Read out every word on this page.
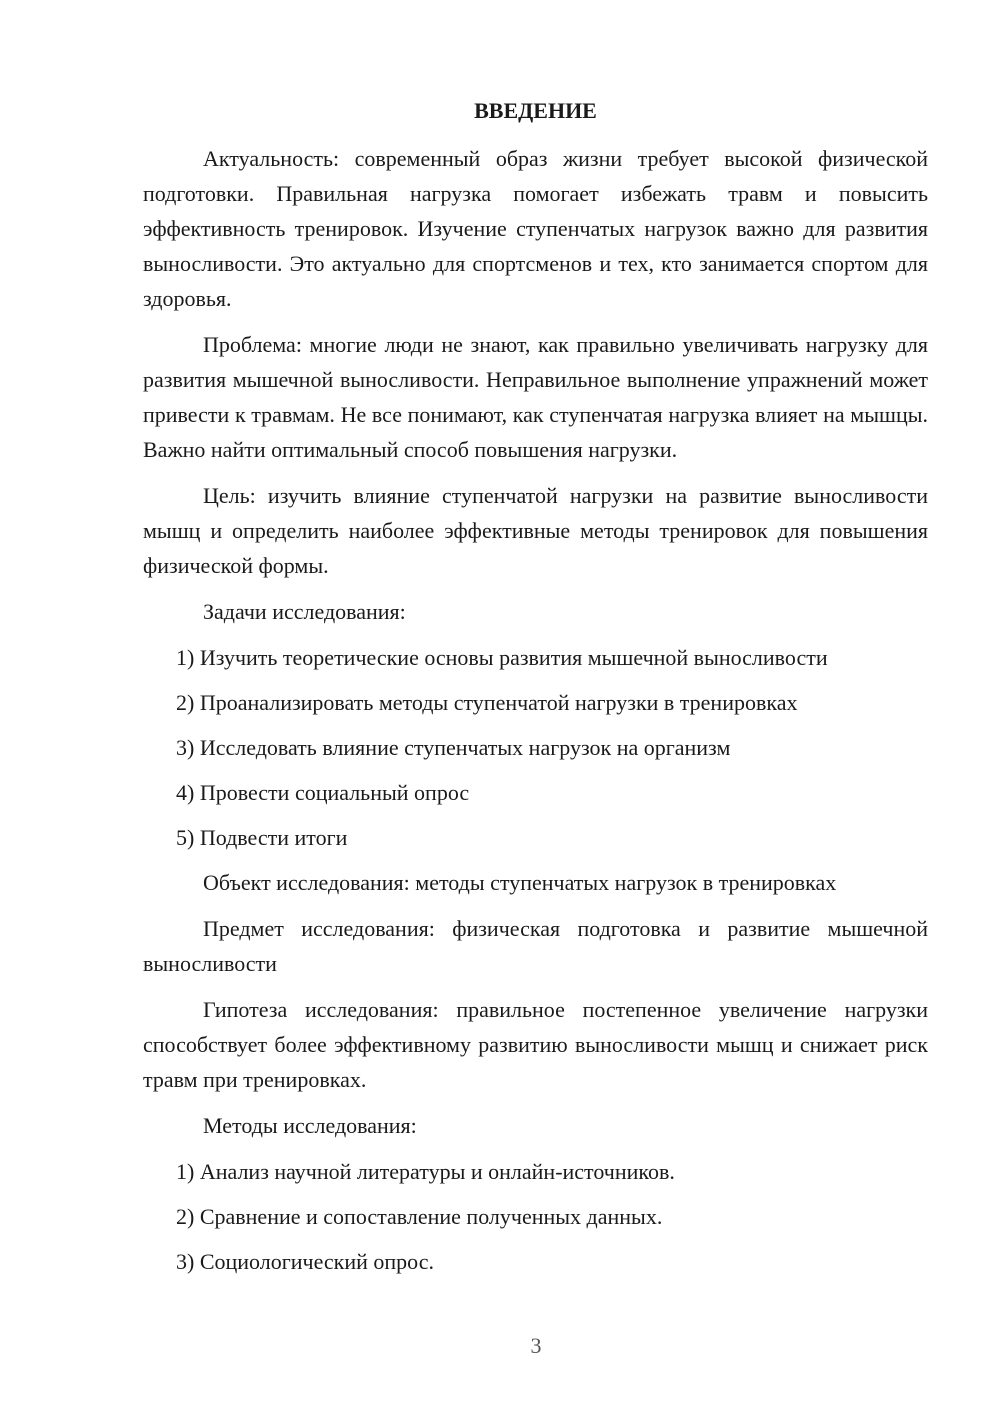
ВВЕДЕНИЕ
Актуальность: современный образ жизни требует высокой физической подготовки. Правильная нагрузка помогает избежать травм и повысить эффективность тренировок. Изучение ступенчатых нагрузок важно для развития выносливости. Это актуально для спортсменов и тех, кто занимается спортом для здоровья.
Проблема: многие люди не знают, как правильно увеличивать нагрузку для развития мышечной выносливости. Неправильное выполнение упражнений может привести к травмам. Не все понимают, как ступенчатая нагрузка влияет на мышцы. Важно найти оптимальный способ повышения нагрузки.
Цель: изучить влияние ступенчатой нагрузки на развитие выносливости мышц и определить наиболее эффективные методы тренировок для повышения физической формы.
Задачи исследования:
1) Изучить теоретические основы развития мышечной выносливости
2) Проанализировать методы ступенчатой нагрузки в тренировках
3) Исследовать влияние ступенчатых нагрузок на организм
4) Провести социальный опрос
5) Подвести итоги
Объект исследования: методы ступенчатых нагрузок в тренировках
Предмет исследования: физическая подготовка и развитие мышечной выносливости
Гипотеза исследования: правильное постепенное увеличение нагрузки способствует более эффективному развитию выносливости мышц и снижает риск травм при тренировках.
Методы исследования:
1) Анализ научной литературы и онлайн-источников.
2) Сравнение и сопоставление полученных данных.
3) Социологический опрос.
3
